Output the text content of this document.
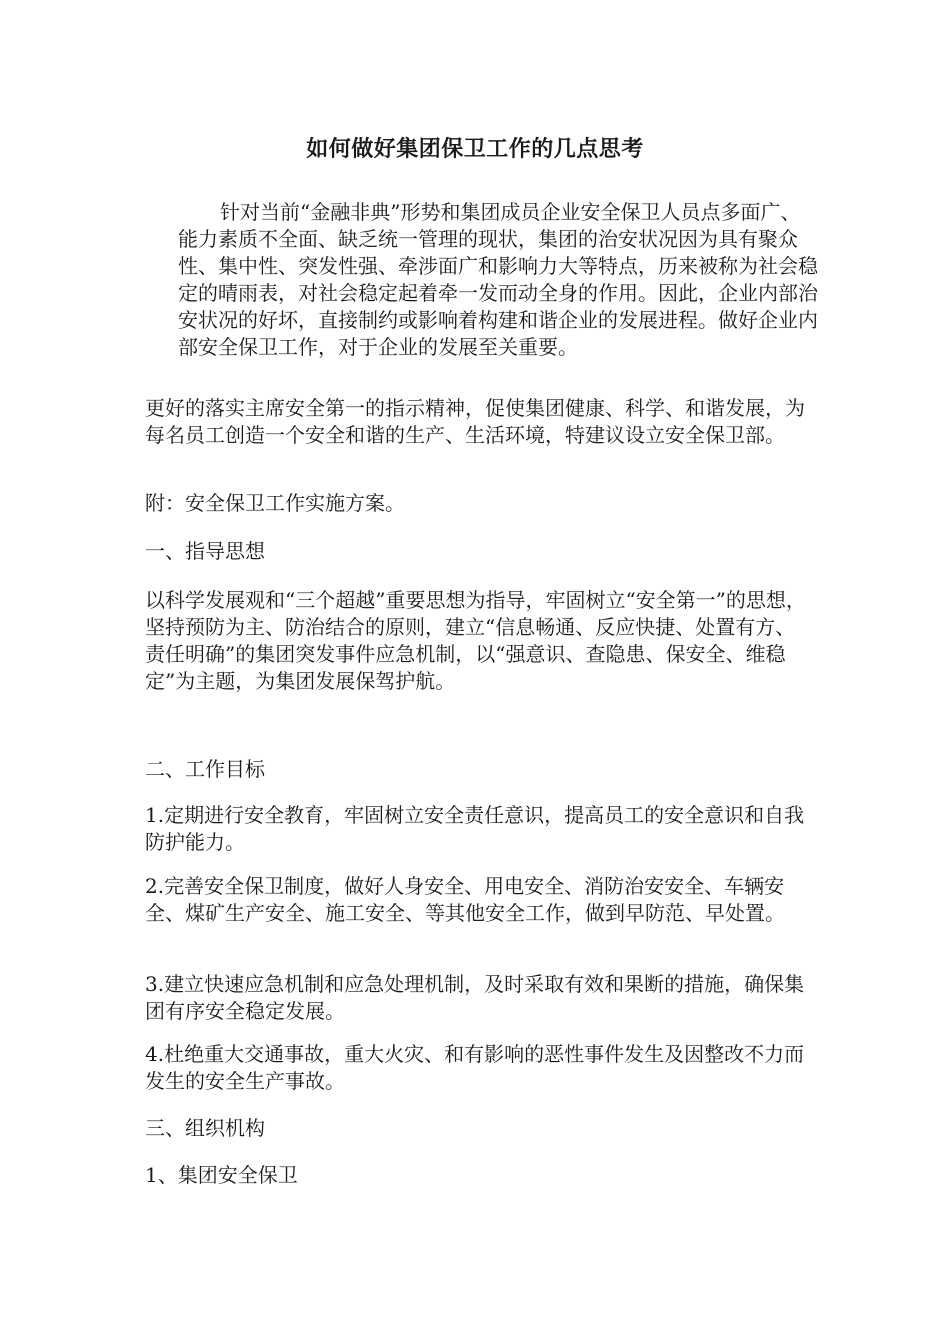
如何做好集团保卫工作的几点思考

针对当前“金融非典”形势和集团成员企业安全保卫人员点多面广、能力素质不全面、缺乏统一管理的现状，集团的治安状况因为具有聚众性、集中性、突发性强、牵涉面广和影响力大等特点，历来被称为社会稳定的晴雨表，对社会稳定起着牵一发而动全身的作用。因此，企业内部治安状况的好坏，直接制约或影响着构建和谐企业的发展进程。做好企业内部安全保卫工作，对于企业的发展至关重要。

更好的落实主席安全第一的指示精神，促使集团健康、科学、和谐发展，为每名员工创造一个安全和谐的生产、生活环境，特建议设立安全保卫部。

附：安全保卫工作实施方案。

一、指导思想

以科学发展观和“三个超越”重要思想为指导，牢固树立“安全第一”的思想，坚持预防为主、防治结合的原则，建立“信息畅通、反应快捷、处置有方、责任明确”的集团突发事件应急机制，以“强意识、查隐患、保安全、维稳定”为主题，为集团发展保驾护航。

二、工作目标

1.定期进行安全教育，牢固树立安全责任意识，提高员工的安全意识和自我防护能力。

2.完善安全保卫制度，做好人身安全、用电安全、消防治安安全、车辆安全、煤矿生产安全、施工安全、等其他安全工作，做到早防范、早处置。

3.建立快速应急机制和应急处理机制，及时采取有效和果断的措施，确保集团有序安全稳定发展。

4.杜绝重大交通事故，重大火灾、和有影响的恶性事件发生及因整改不力而发生的安全生产事故。

三、组织机构

1、集团安全保卫
